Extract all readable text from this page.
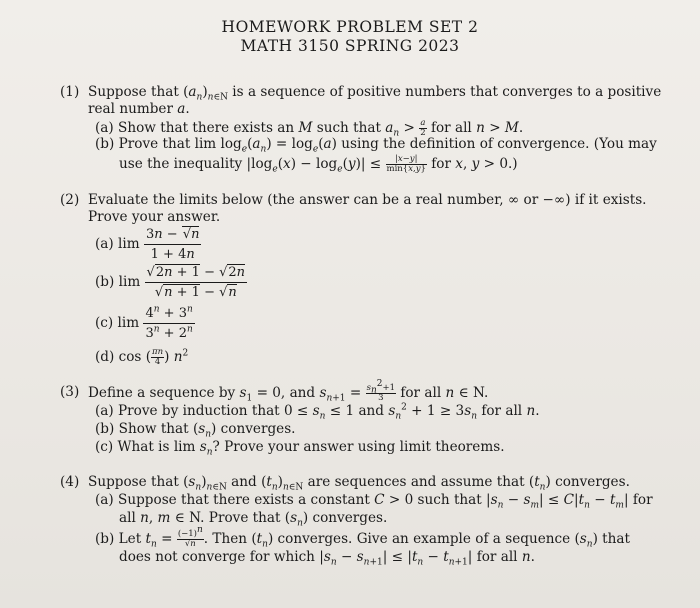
HOMEWORK PROBLEM SET 2
MATH 3150 SPRING 2023
(1) Suppose that $(a_n)_{n\in N}$ is a sequence of positive numbers that converges to a positive
real number a.
(a) Show that there exists an M such that $a_n > \frac{a}{2}$ for all n > M.
(b) Prove that $\lim \log_e(a_n) = \log_e(a)$ using the definition of convergence. (You may
use the inequality $|\log_e(x) - \log_e(y)|$ ≤	|x−y|
min{x,y} for x, y > 0.)
(2) Evaluate the limits below (the answer can be a real number, ∞ or −∞) if it exists.
Prove your answer.
(a) $\lim \frac{3n - √n}{1 + 4n}$
(b) $\lim \frac{√2n + 1 - √2n}{√n + 1 - √n}$
(c) $\lim \frac{4^n + 3^n}{3^n + 2^n}$
(d) cos ( $\frac{\pi n}{4}$ ) $n^2$
(3) Define a sequence by $s_1 = 0$, and $s_{n+1} = \frac{s_n^2+1}{3}$ for all n ∈ N.
(a) Prove by induction that $0 \le s_n \le 1$ and $s_n^2 + 1 \ge 3s_n$ for all n.
(b) Show that $(s_n)$ converges.
(c) What is $\lim s_n$? Prove your answer using limit theorems.
(4) Suppose that $(s_n)_{n\in N}$ and $(t_n)_{n\in N}$ are sequences and assume that $(t_n)$ converges.
(a) Suppose that there exists a constant C > 0 such that $|s_n - s_m| \le C|t_n - t_m|$ for
all n, m ∈ N. Prove that $(s_n)$ converges.
(b) Let $t_n = \frac{(-1)^n}{√n}$ . Then $(t_n)$ converges. Give an example of a sequence $(s_n)$ that
does not converge for which $|s_n - s_{n+1}| \le |t_n - t_{n+1}|$ for all n.
